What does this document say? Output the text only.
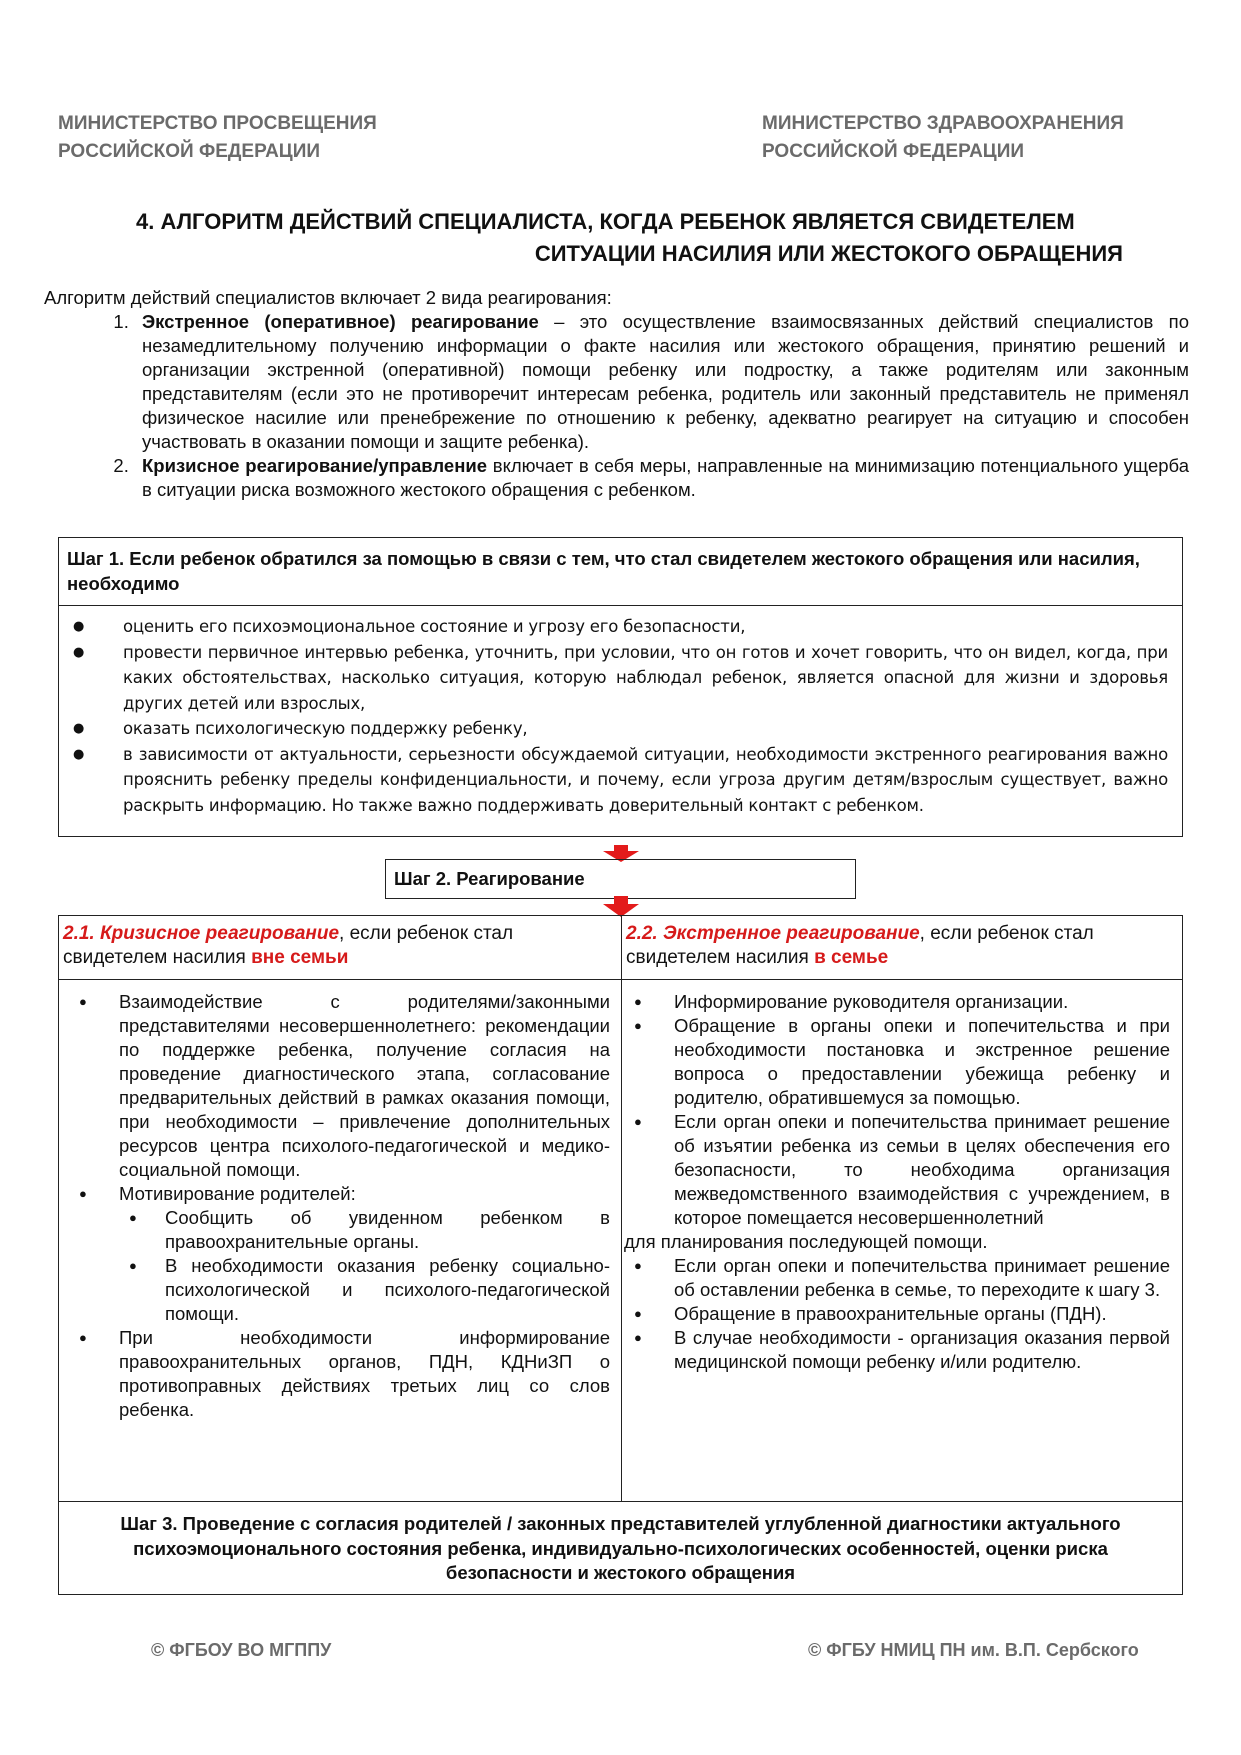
МИНИСТЕРСТВО ПРОСВЕЩЕНИЯ
РОССИЙСКОЙ ФЕДЕРАЦИИ
МИНИСТЕРСТВО ЗДРАВООХРАНЕНИЯ
РОССИЙСКОЙ ФЕДЕРАЦИИ
4. АЛГОРИТМ ДЕЙСТВИЙ СПЕЦИАЛИСТА, КОГДА РЕБЕНОК ЯВЛЯЕТСЯ СВИДЕТЕЛЕМ
СИТУАЦИИ НАСИЛИЯ ИЛИ ЖЕСТОКОГО ОБРАЩЕНИЯ
Алгоритм действий специалистов включает 2 вида реагирования:
1. Экстренное (оперативное) реагирование – это осуществление взаимосвязанных действий специалистов по незамедлительному получению информации о факте насилия или жестокого обращения, принятию решений и организации экстренной (оперативной) помощи ребенку или подростку, а также родителям или законным представителям (если это не противоречит интересам ребенка, родитель или законный представитель не применял физическое насилие или пренебрежение по отношению к ребенку, адекватно реагирует на ситуацию и способен участвовать в оказании помощи и защите ребенка).
2. Кризисное реагирование/управление включает в себя меры, направленные на минимизацию потенциального ущерба в ситуации риска возможного жестокого обращения с ребенком.
Шаг 1. Если ребенок обратился за помощью в связи с тем, что стал свидетелем жестокого обращения или насилия, необходимо
● оценить его психоэмоциональное состояние и угрозу его безопасности,
● провести первичное интервью ребенка, уточнить, при условии, что он готов и хочет говорить, что он видел, когда, при каких обстоятельствах, насколько ситуация, которую наблюдал ребенок, является опасной для жизни и здоровья других детей или взрослых,
● оказать психологическую поддержку ребенку,
● в зависимости от актуальности, серьезности обсуждаемой ситуации, необходимости экстренного реагирования важно прояснить ребенку пределы конфиденциальности, и почему, если угроза другим детям/взрослым существует, важно раскрыть информацию. Но также важно поддерживать доверительный контакт с ребенком.
Шаг 2. Реагирование
2.1. Кризисное реагирование, если ребенок стал свидетелем насилия вне семьи
2.2. Экстренное реагирование, если ребенок стал свидетелем насилия в семье
● Взаимодействие с родителями/законными представителями несовершеннолетнего: рекомендации по поддержке ребенка, получение согласия на проведение диагностического этапа, согласование предварительных действий в рамках оказания помощи, при необходимости – привлечение дополнительных ресурсов центра психолого-педагогической и медико-социальной помощи.
● Мотивирование родителей:
● Сообщить об увиденном ребенком в правоохранительные органы.
● В необходимости оказания ребенку социально-психологической и психолого-педагогической помощи.
● При необходимости информирование правоохранительных органов, ПДН, КДНиЗП о противоправных действиях третьих лиц со слов ребенка.
● Информирование руководителя организации.
● Обращение в органы опеки и попечительства и при необходимости постановка и экстренное решение вопроса о предоставлении убежища ребенку и родителю, обратившемуся за помощью.
● Если орган опеки и попечительства принимает решение об изъятии ребенка из семьи в целях обеспечения его безопасности, то необходима организация межведомственного взаимодействия с учреждением, в которое помещается несовершеннолетний
для планирования последующей помощи.
● Если орган опеки и попечительства принимает решение об оставлении ребенка в семье, то переходите к шагу 3.
● Обращение в правоохранительные органы (ПДН).
● В случае необходимости - организация оказания первой медицинской помощи ребенку и/или родителю.
Шаг 3. Проведение с согласия родителей / законных представителей углубленной диагностики актуального психоэмоционального состояния ребенка, индивидуально-психологических особенностей, оценки риска безопасности и жестокого обращения
© ФГБОУ ВО МГППУ	© ФГБУ НМИЦ ПН им. В.П. Сербского
